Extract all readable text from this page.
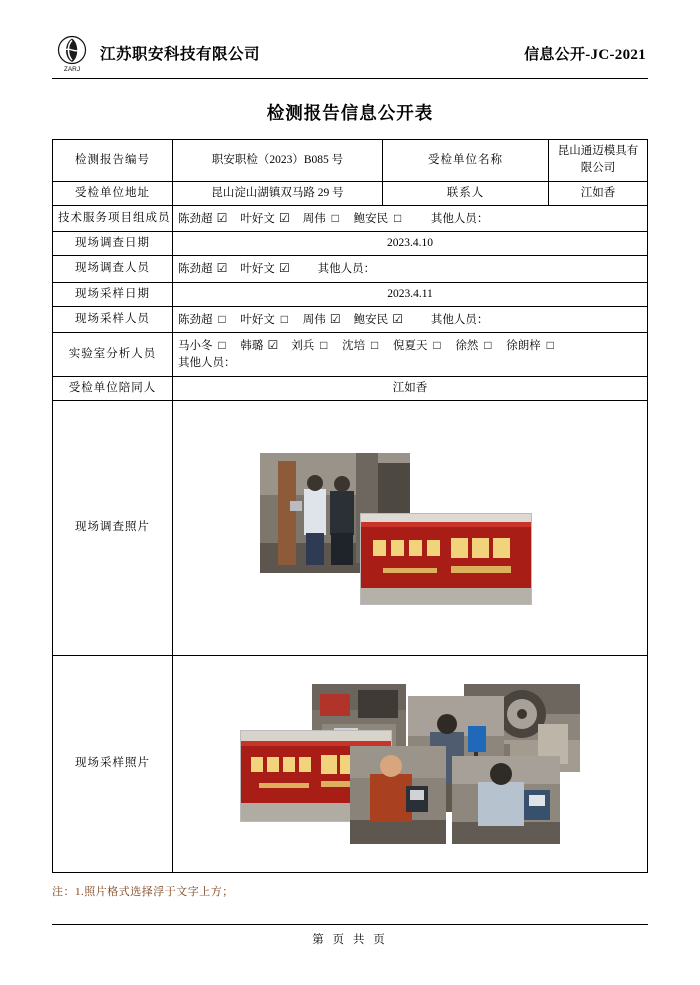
ZARJ
江苏职安科技有限公司	信息公开-JC-2021
检测报告信息公开表
检测报告编号	职安职检（2023）B085 号	受检单位名称	昆山通迈模具有限公司
受检单位地址	昆山淀山湖镇双马路 29 号	联系人	江如香
技术服务项目组成员	陈劲超 ☑ 叶好文 ☑ 周伟 □ 鲍安民 □ 其他人员：		
现场调查日期	2023.4.10		
现场调查人员	陈劲超 ☑ 叶好文 ☑ 其他人员：		
现场采样日期	2023.4.11		
现场采样人员	陈劲超 □ 叶好文 □ 周伟 ☑ 鲍安民 ☑ 其他人员：		
实验室分析人员	马小冬 □ 韩璐 ☑ 刘兵 □ 沈培 □ 倪夏天 □ 徐然 □ 徐朗梓 □
其他人员：		

受检单位陪同人	江如香		
现场调查照片	

现场采样照片	
注：1.照片格式选择浮于文字上方；
第 页 共 页
